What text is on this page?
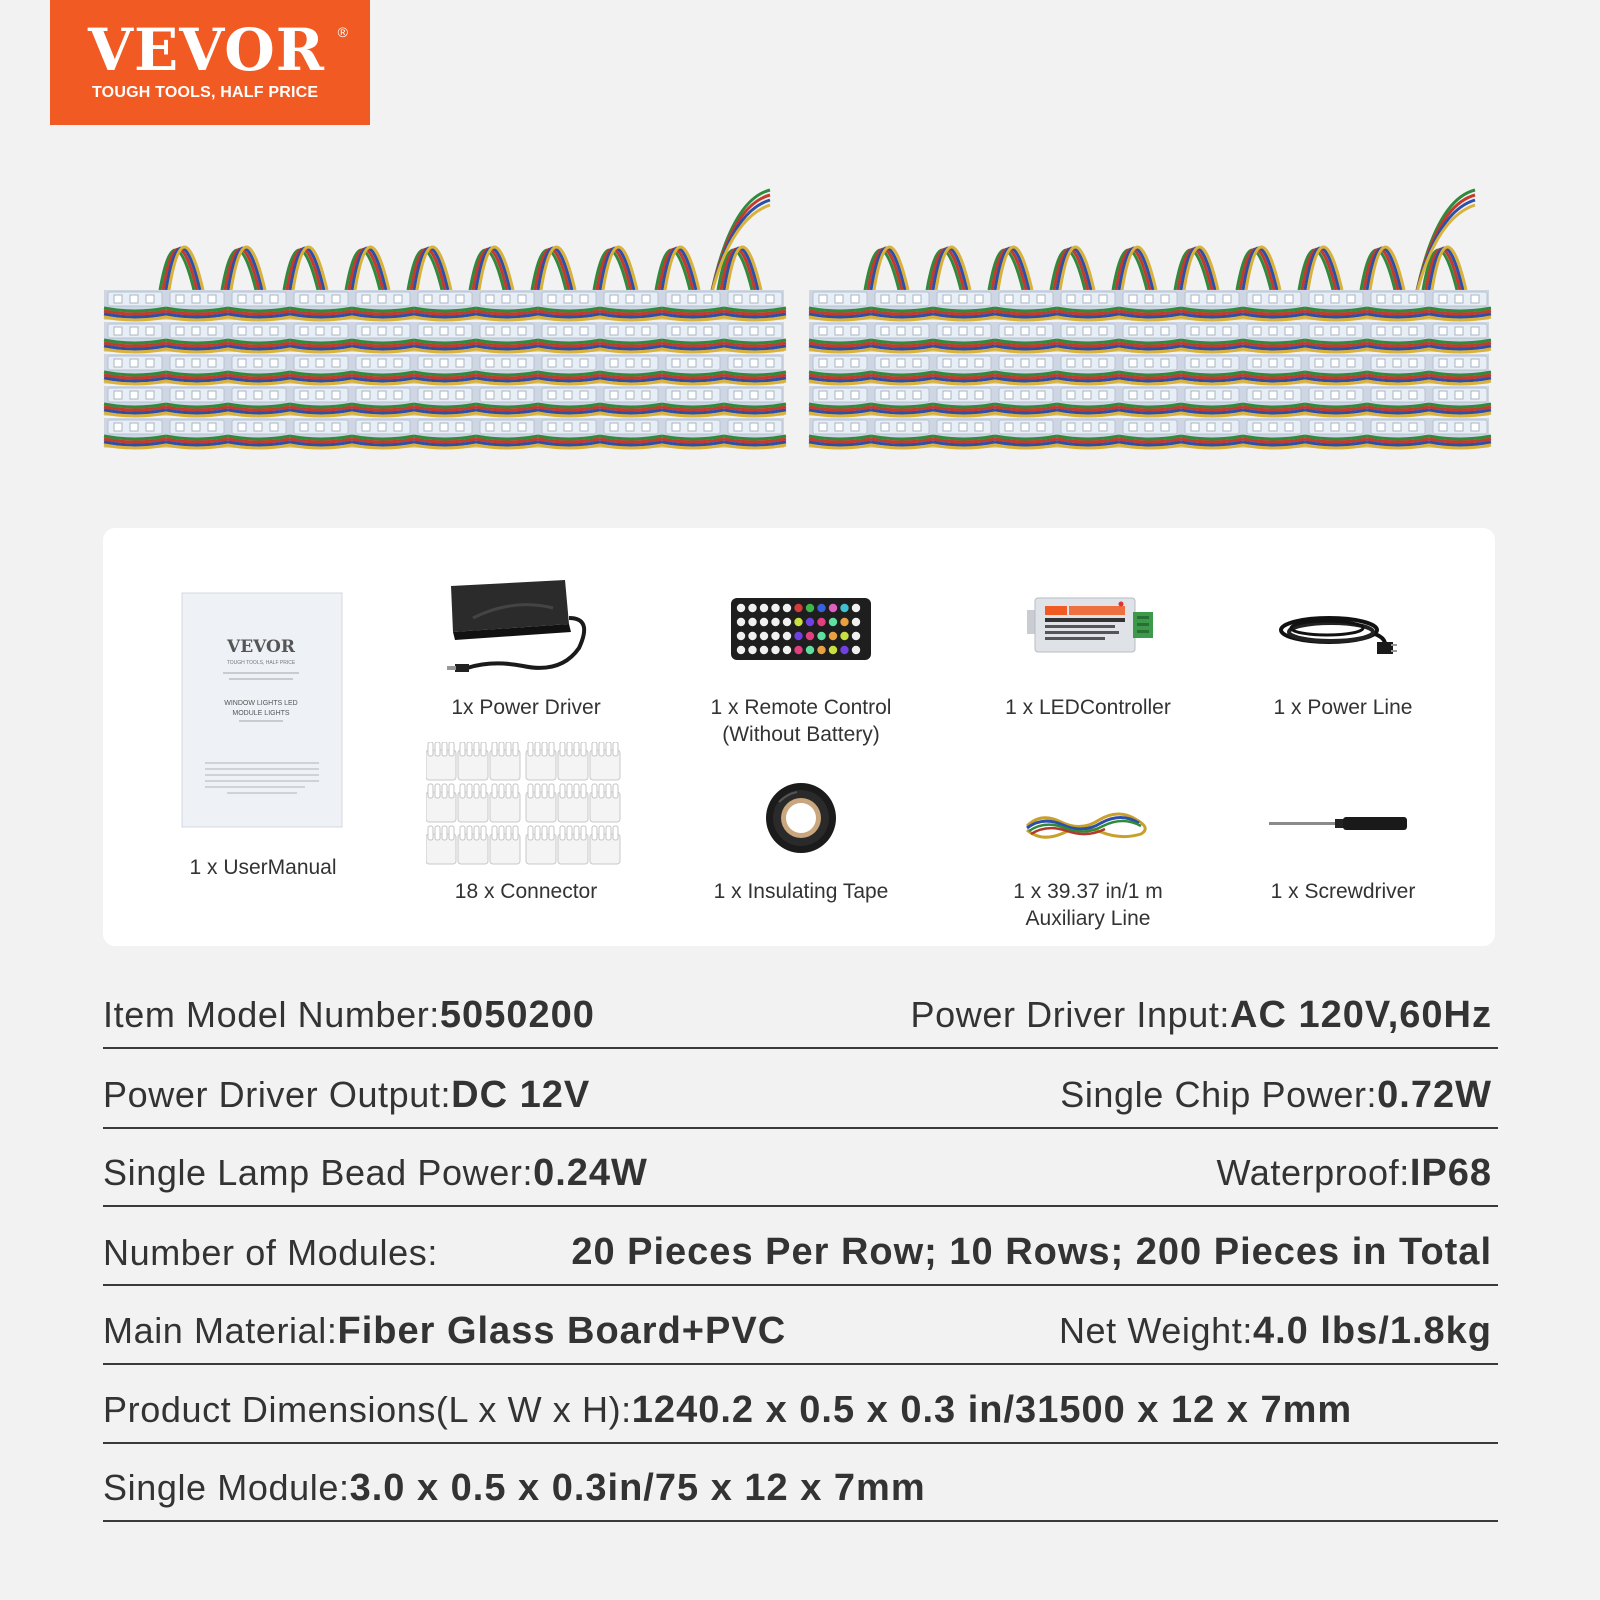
VEVOR ®
TOUGH TOOLS, HALF PRICE
VEVOR
TOUGH TOOLS, HALF PRICE
WINDOW LIGHTS LED
MODULE LIGHTS
1 x UserManual
1x Power Driver	1 x Remote Control
(Without Battery)
1 x LEDController	1 x Power Line
18 x Connector	1 x Insulating Tape	1 x 39.37 in/1 m
Auxiliary Line
1 x Screwdriver
Item Model Number:5050200	Power Driver Input:AC 120V,60Hz
Power Driver Output:DC 12V	Single Chip Power:0.72W
Single Lamp Bead Power:0.24W	Waterproof:IP68
Number of Modules:	20 Pieces Per Row; 10 Rows; 200 Pieces in Total
Main Material:Fiber Glass Board+PVC	Net Weight:4.0 lbs/1.8kg
Product Dimensions(L x W x H):1240.2 x 0.5 x 0.3 in/31500 x 12 x 7mm
Single Module:3.0 x 0.5 x 0.3in/75 x 12 x 7mm
